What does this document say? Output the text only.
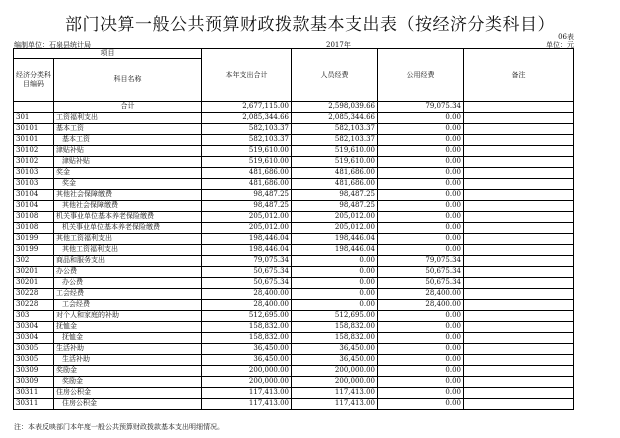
部门决算一般公共预算财政拨款基本支出表（按经济分类科目）
06表
编制单位：石泉县统计局	2017年	单位：元
项目		本年支出合计	人员经费	公用经费	备注
经济分类科目编码	科目名称				
	合计	2,677,115.00	2,598,039.66	79,075.34	
301	工资福利支出	2,085,344.66	2,085,344.66	0.00	
30101	基本工资	582,103.37	582,103.37	0.00	
30101	基本工资	582,103.37	582,103.37	0.00	
30102	津贴补贴	519,610.00	519,610.00	0.00	
30102	津贴补贴	519,610.00	519,610.00	0.00	
30103	奖金	481,686.00	481,686.00	0.00	
30103	奖金	481,686.00	481,686.00	0.00	
30104	其他社会保障缴费	98,487.25	98,487.25	0.00	
30104	其他社会保障缴费	98,487.25	98,487.25	0.00	
30108	机关事业单位基本养老保险缴费	205,012.00	205,012.00	0.00	
30108	机关事业单位基本养老保险缴费	205,012.00	205,012.00	0.00	
30199	其他工资福利支出	198,446.04	198,446.04	0.00	
30199	其他工资福利支出	198,446.04	198,446.04	0.00	
302	商品和服务支出	79,075.34	0.00	79,075.34	
30201	办公费	50,675.34	0.00	50,675.34	
30201	办公费	50,675.34	0.00	50,675.34	
30228	工会经费	28,400.00	0.00	28,400.00	
30228	工会经费	28,400.00	0.00	28,400.00	
303	对个人和家庭的补助	512,695.00	512,695.00	0.00	
30304	抚恤金	158,832.00	158,832.00	0.00	
30304	抚恤金	158,832.00	158,832.00	0.00	
30305	生活补助	36,450.00	36,450.00	0.00	
30305	生活补助	36,450.00	36,450.00	0.00	
30309	奖励金	200,000.00	200,000.00	0.00	
30309	奖励金	200,000.00	200,000.00	0.00	
30311	住房公积金	117,413.00	117,413.00	0.00	
30311	住房公积金	117,413.00	117,413.00	0.00	
注：本表反映部门本年度一般公共预算财政拨款基本支出明细情况。
